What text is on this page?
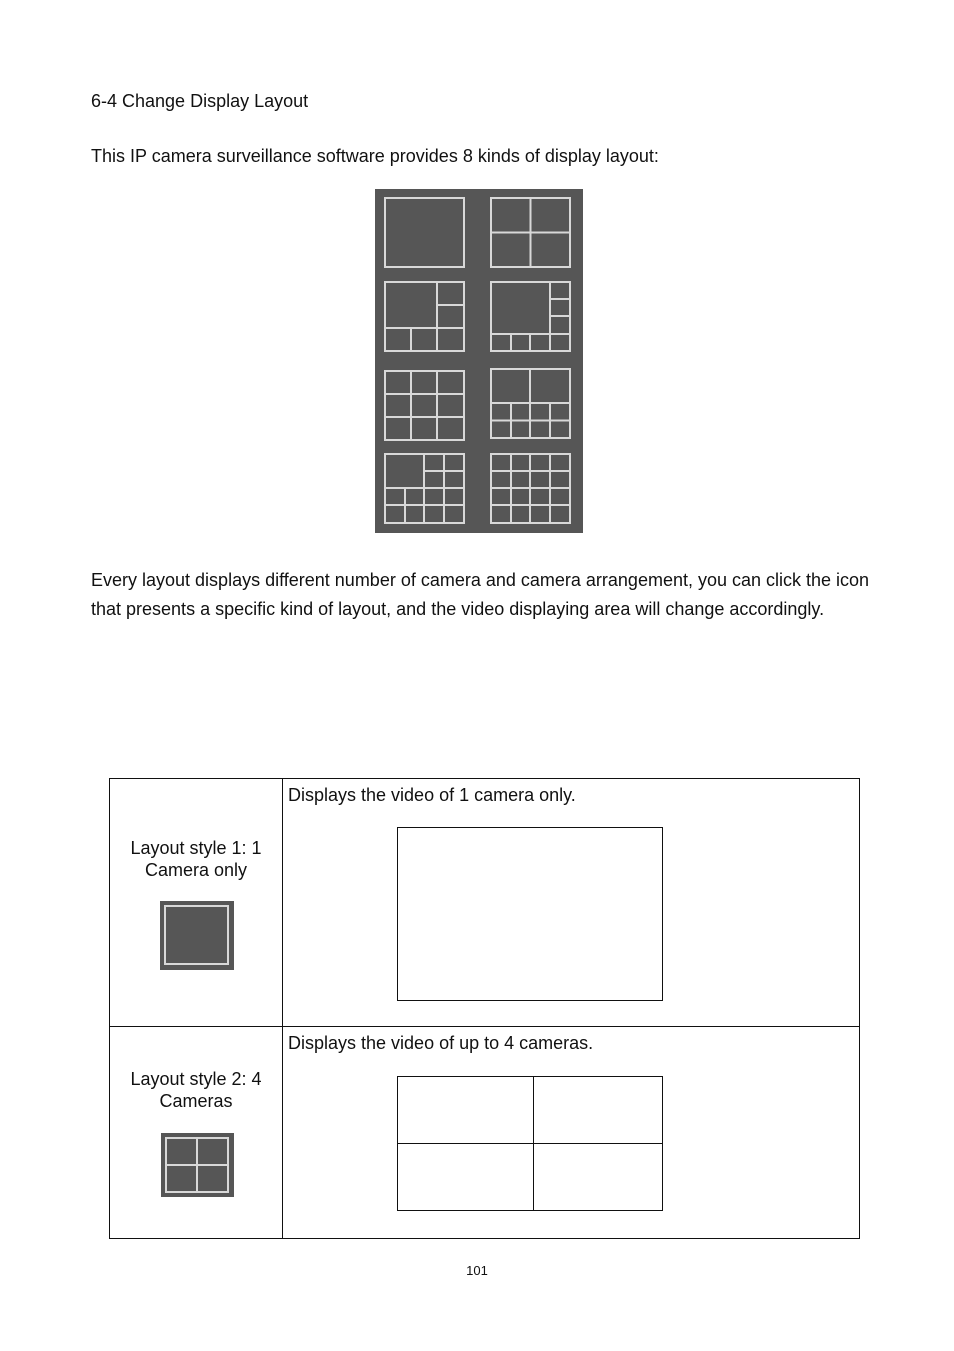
6-4 Change Display Layout
This IP camera surveillance software provides 8 kinds of display layout:
Every layout displays different number of camera and camera arrangement, you can click the icon that presents a specific kind of layout, and the video displaying area will change accordingly.
Layout style 1: 1 Camera only
Displays the video of 1 camera only.
Layout style 2: 4 Cameras
Displays the video of up to 4 cameras.
101
